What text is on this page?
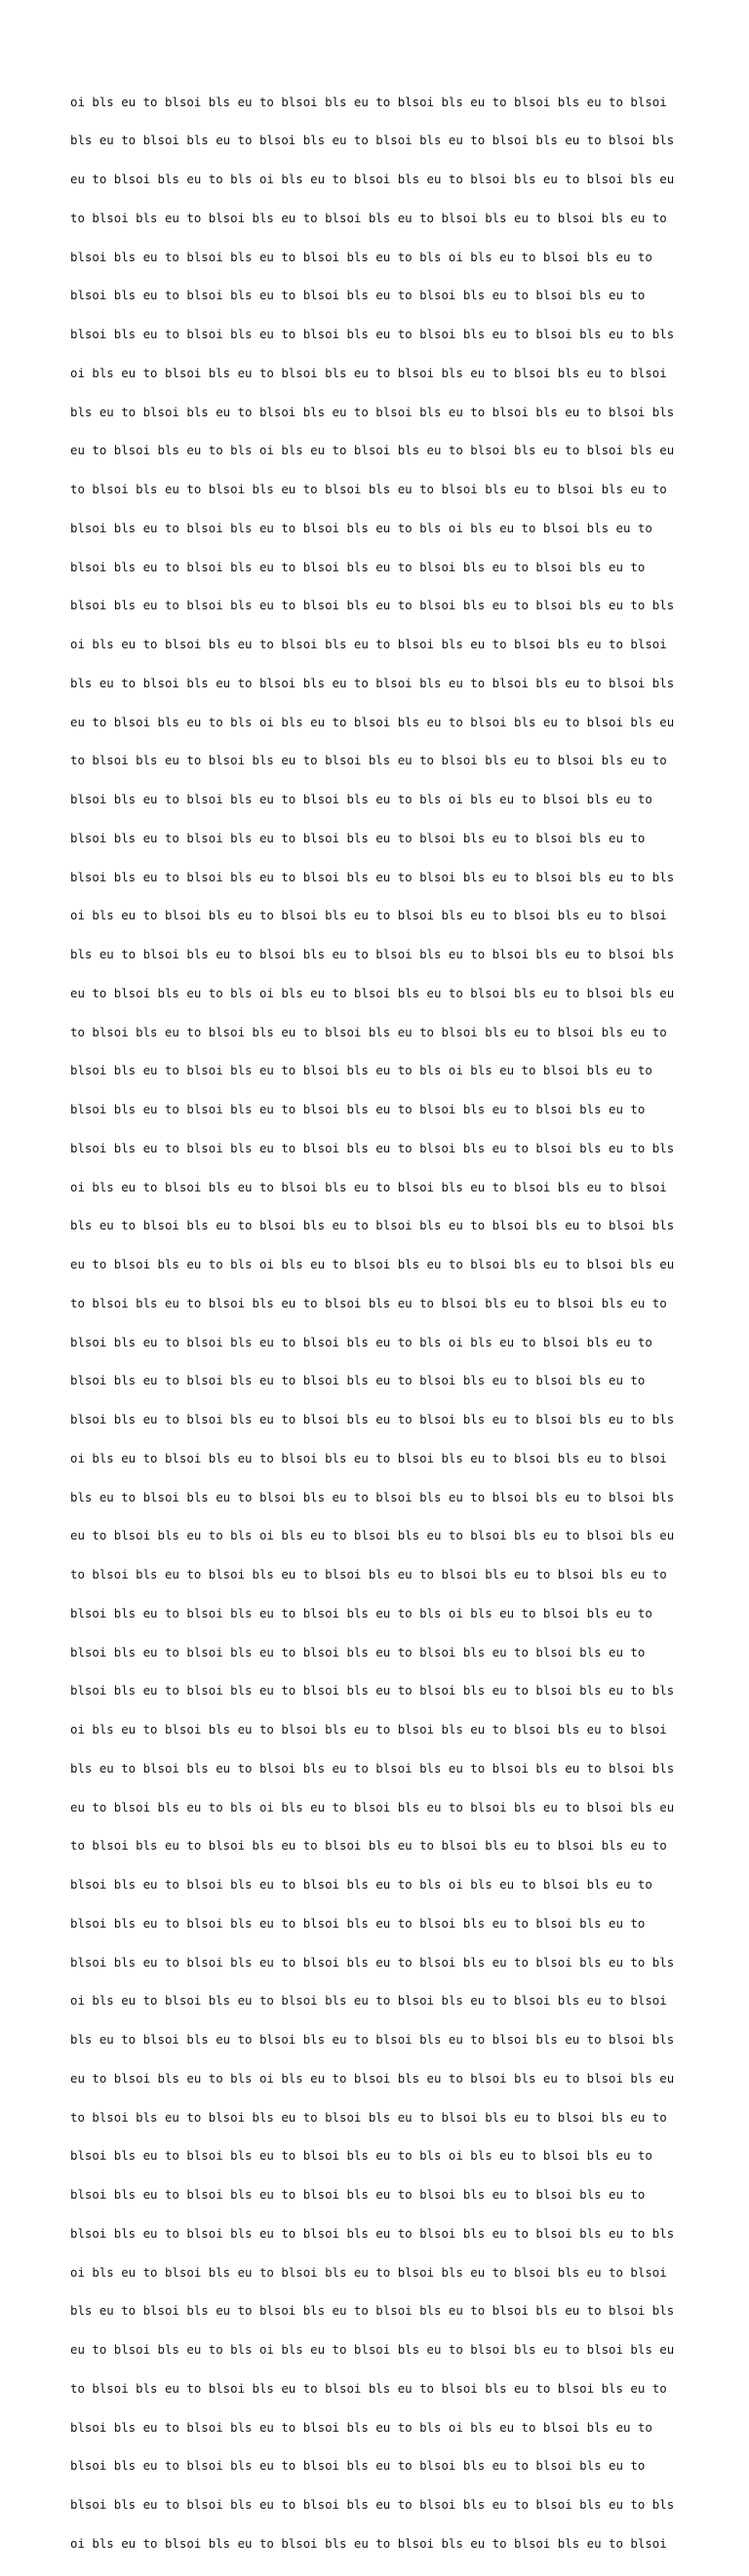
oi bls eu to blsoi bls eu to blsoi bls eu to blsoi bls eu to blsoi bls eu to blsoi

bls eu to blsoi bls eu to blsoi bls eu to blsoi bls eu to blsoi bls eu to blsoi bls

eu to blsoi bls eu to bls oi bls eu to blsoi bls eu to blsoi bls eu to blsoi bls eu

to blsoi bls eu to blsoi bls eu to blsoi bls eu to blsoi bls eu to blsoi bls eu to

blsoi bls eu to blsoi bls eu to blsoi bls eu to bls oi bls eu to blsoi bls eu to

blsoi bls eu to blsoi bls eu to blsoi bls eu to blsoi bls eu to blsoi bls eu to

blsoi bls eu to blsoi bls eu to blsoi bls eu to blsoi bls eu to blsoi bls eu to bls

oi bls eu to blsoi bls eu to blsoi bls eu to blsoi bls eu to blsoi bls eu to blsoi

bls eu to blsoi bls eu to blsoi bls eu to blsoi bls eu to blsoi bls eu to blsoi bls

eu to blsoi bls eu to bls oi bls eu to blsoi bls eu to blsoi bls eu to blsoi bls eu

to blsoi bls eu to blsoi bls eu to blsoi bls eu to blsoi bls eu to blsoi bls eu to

blsoi bls eu to blsoi bls eu to blsoi bls eu to bls oi bls eu to blsoi bls eu to

blsoi bls eu to blsoi bls eu to blsoi bls eu to blsoi bls eu to blsoi bls eu to

blsoi bls eu to blsoi bls eu to blsoi bls eu to blsoi bls eu to blsoi bls eu to bls

oi bls eu to blsoi bls eu to blsoi bls eu to blsoi bls eu to blsoi bls eu to blsoi

bls eu to blsoi bls eu to blsoi bls eu to blsoi bls eu to blsoi bls eu to blsoi bls

eu to blsoi bls eu to bls oi bls eu to blsoi bls eu to blsoi bls eu to blsoi bls eu

to blsoi bls eu to blsoi bls eu to blsoi bls eu to blsoi bls eu to blsoi bls eu to

blsoi bls eu to blsoi bls eu to blsoi bls eu to bls oi bls eu to blsoi bls eu to

blsoi bls eu to blsoi bls eu to blsoi bls eu to blsoi bls eu to blsoi bls eu to

blsoi bls eu to blsoi bls eu to blsoi bls eu to blsoi bls eu to blsoi bls eu to bls

oi bls eu to blsoi bls eu to blsoi bls eu to blsoi bls eu to blsoi bls eu to blsoi

bls eu to blsoi bls eu to blsoi bls eu to blsoi bls eu to blsoi bls eu to blsoi bls

eu to blsoi bls eu to bls oi bls eu to blsoi bls eu to blsoi bls eu to blsoi bls eu

to blsoi bls eu to blsoi bls eu to blsoi bls eu to blsoi bls eu to blsoi bls eu to

blsoi bls eu to blsoi bls eu to blsoi bls eu to bls oi bls eu to blsoi bls eu to

blsoi bls eu to blsoi bls eu to blsoi bls eu to blsoi bls eu to blsoi bls eu to

blsoi bls eu to blsoi bls eu to blsoi bls eu to blsoi bls eu to blsoi bls eu to bls

oi bls eu to blsoi bls eu to blsoi bls eu to blsoi bls eu to blsoi bls eu to blsoi

bls eu to blsoi bls eu to blsoi bls eu to blsoi bls eu to blsoi bls eu to blsoi bls

eu to blsoi bls eu to bls oi bls eu to blsoi bls eu to blsoi bls eu to blsoi bls eu

to blsoi bls eu to blsoi bls eu to blsoi bls eu to blsoi bls eu to blsoi bls eu to

blsoi bls eu to blsoi bls eu to blsoi bls eu to bls oi bls eu to blsoi bls eu to

blsoi bls eu to blsoi bls eu to blsoi bls eu to blsoi bls eu to blsoi bls eu to

blsoi bls eu to blsoi bls eu to blsoi bls eu to blsoi bls eu to blsoi bls eu to bls

oi bls eu to blsoi bls eu to blsoi bls eu to blsoi bls eu to blsoi bls eu to blsoi

bls eu to blsoi bls eu to blsoi bls eu to blsoi bls eu to blsoi bls eu to blsoi bls

eu to blsoi bls eu to bls oi bls eu to blsoi bls eu to blsoi bls eu to blsoi bls eu

to blsoi bls eu to blsoi bls eu to blsoi bls eu to blsoi bls eu to blsoi bls eu to

blsoi bls eu to blsoi bls eu to blsoi bls eu to bls oi bls eu to blsoi bls eu to

blsoi bls eu to blsoi bls eu to blsoi bls eu to blsoi bls eu to blsoi bls eu to

blsoi bls eu to blsoi bls eu to blsoi bls eu to blsoi bls eu to blsoi bls eu to bls

oi bls eu to blsoi bls eu to blsoi bls eu to blsoi bls eu to blsoi bls eu to blsoi

bls eu to blsoi bls eu to blsoi bls eu to blsoi bls eu to blsoi bls eu to blsoi bls

eu to blsoi bls eu to bls oi bls eu to blsoi bls eu to blsoi bls eu to blsoi bls eu

to blsoi bls eu to blsoi bls eu to blsoi bls eu to blsoi bls eu to blsoi bls eu to

blsoi bls eu to blsoi bls eu to blsoi bls eu to bls oi bls eu to blsoi bls eu to

blsoi bls eu to blsoi bls eu to blsoi bls eu to blsoi bls eu to blsoi bls eu to

blsoi bls eu to blsoi bls eu to blsoi bls eu to blsoi bls eu to blsoi bls eu to bls

oi bls eu to blsoi bls eu to blsoi bls eu to blsoi bls eu to blsoi bls eu to blsoi

bls eu to blsoi bls eu to blsoi bls eu to blsoi bls eu to blsoi bls eu to blsoi bls

eu to blsoi bls eu to bls oi bls eu to blsoi bls eu to blsoi bls eu to blsoi bls eu

to blsoi bls eu to blsoi bls eu to blsoi bls eu to blsoi bls eu to blsoi bls eu to

blsoi bls eu to blsoi bls eu to blsoi bls eu to bls oi bls eu to blsoi bls eu to

blsoi bls eu to blsoi bls eu to blsoi bls eu to blsoi bls eu to blsoi bls eu to

blsoi bls eu to blsoi bls eu to blsoi bls eu to blsoi bls eu to blsoi bls eu to bls

oi bls eu to blsoi bls eu to blsoi bls eu to blsoi bls eu to blsoi bls eu to blsoi

bls eu to blsoi bls eu to blsoi bls eu to blsoi bls eu to blsoi bls eu to blsoi bls

eu to blsoi bls eu to bls oi bls eu to blsoi bls eu to blsoi bls eu to blsoi bls eu

to blsoi bls eu to blsoi bls eu to blsoi bls eu to blsoi bls eu to blsoi bls eu to

blsoi bls eu to blsoi bls eu to blsoi bls eu to bls oi bls eu to blsoi bls eu to

blsoi bls eu to blsoi bls eu to blsoi bls eu to blsoi bls eu to blsoi bls eu to

blsoi bls eu to blsoi bls eu to blsoi bls eu to blsoi bls eu to blsoi bls eu to bls

oi bls eu to blsoi bls eu to blsoi bls eu to blsoi bls eu to blsoi bls eu to blsoi
